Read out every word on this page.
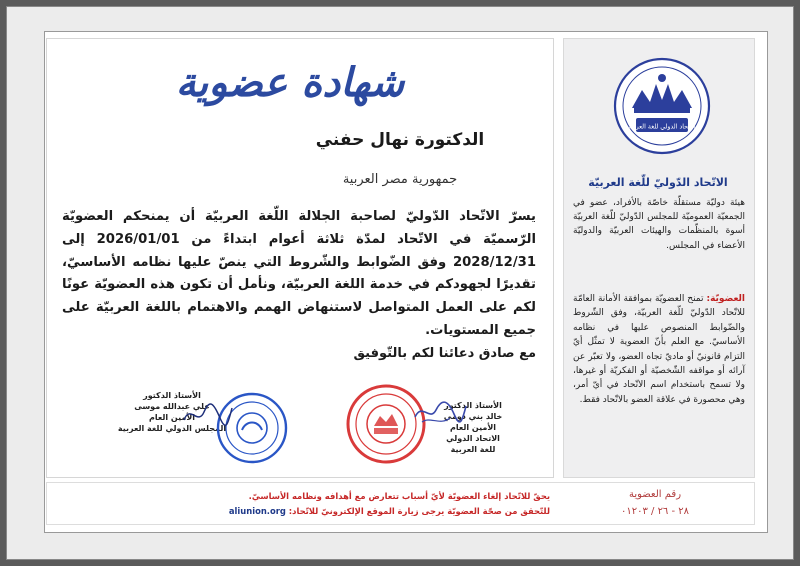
شهادة عضوية
الدكتورة نهال حفني
جمهورية مصر العربية
يسرّ الاتّحاد الدّوليّ لصاحبة الجلالة اللّغة العربيّة أن يمنحكم العضويّة الرّسميّة في الاتّحاد لمدّة ثلاثة أعوام ابتداءً من 2026/01/01 إلى 2028/12/31 وفق الضّوابط والشّروط التي ينصّ عليها نظامه الأساسيّ، تقديرًا لجهودكم في خدمة اللغة العربيّة، ونأمل أن تكون هذه العضويّة عونًا لكم على العمل المتواصل لاستنهاض الهمم والاهتمام باللغة العربيّة على جميع المستويات.
مع صادق دعائنا لكم بالتّوفيق
الأستاذ الدكتور
خالد بني دومي
الأمين العام
الاتحاد الدولي للغة العربية
الأستاذ الدكتور
علي عبدالله موسى
الأمين العام
المجلس الدولي للغة العربية
الاتحاد الدولي للغة العربية
الاتّحاد الدّوليّ للّغة العربيّة
هيئة دوليّة مستقلّة خاصّة بالأفراد، عضو في الجمعيّة العموميّة للمجلس الدّوليّ للّغة العربيّة أسوة بالمنظّمات والهيئات العربيّة والدوليّة الأعضاء في المجلس.
العضويّة: تمنح العضويّة بموافقة الأمانة العامّة للاتّحاد الدّوليّ للّغة العربيّة، وفق الشّروط والضّوابط المنصوص عليها في نظامه الأساسيّ. مع العلم بأنّ العضوية لا تمثّل أيّ التزام قانونيّ أو ماديّ تجاه العضو، ولا تعبّر عن آرائه أو مواقفه الشّخصيّة أو الفكريّة أو غيرها، ولا تسمح باستخدام اسم الاتّحاد في أيّ أمر، وهي محصورة في علاقة العضو بالاتّحاد فقط.
يحقّ للاتّحاد إلغاء العضويّة لأيّ أسباب تتعارض مع أهدافه ونظامه الأساسيّ.
للتّحقق من صحّة العضويّة يرجى زيارة الموقع الإلكترونيّ للاتّحاد: aliunion.org
رقم العضوية
٢٨ - ٢٦ / ٠١٢٠٣
